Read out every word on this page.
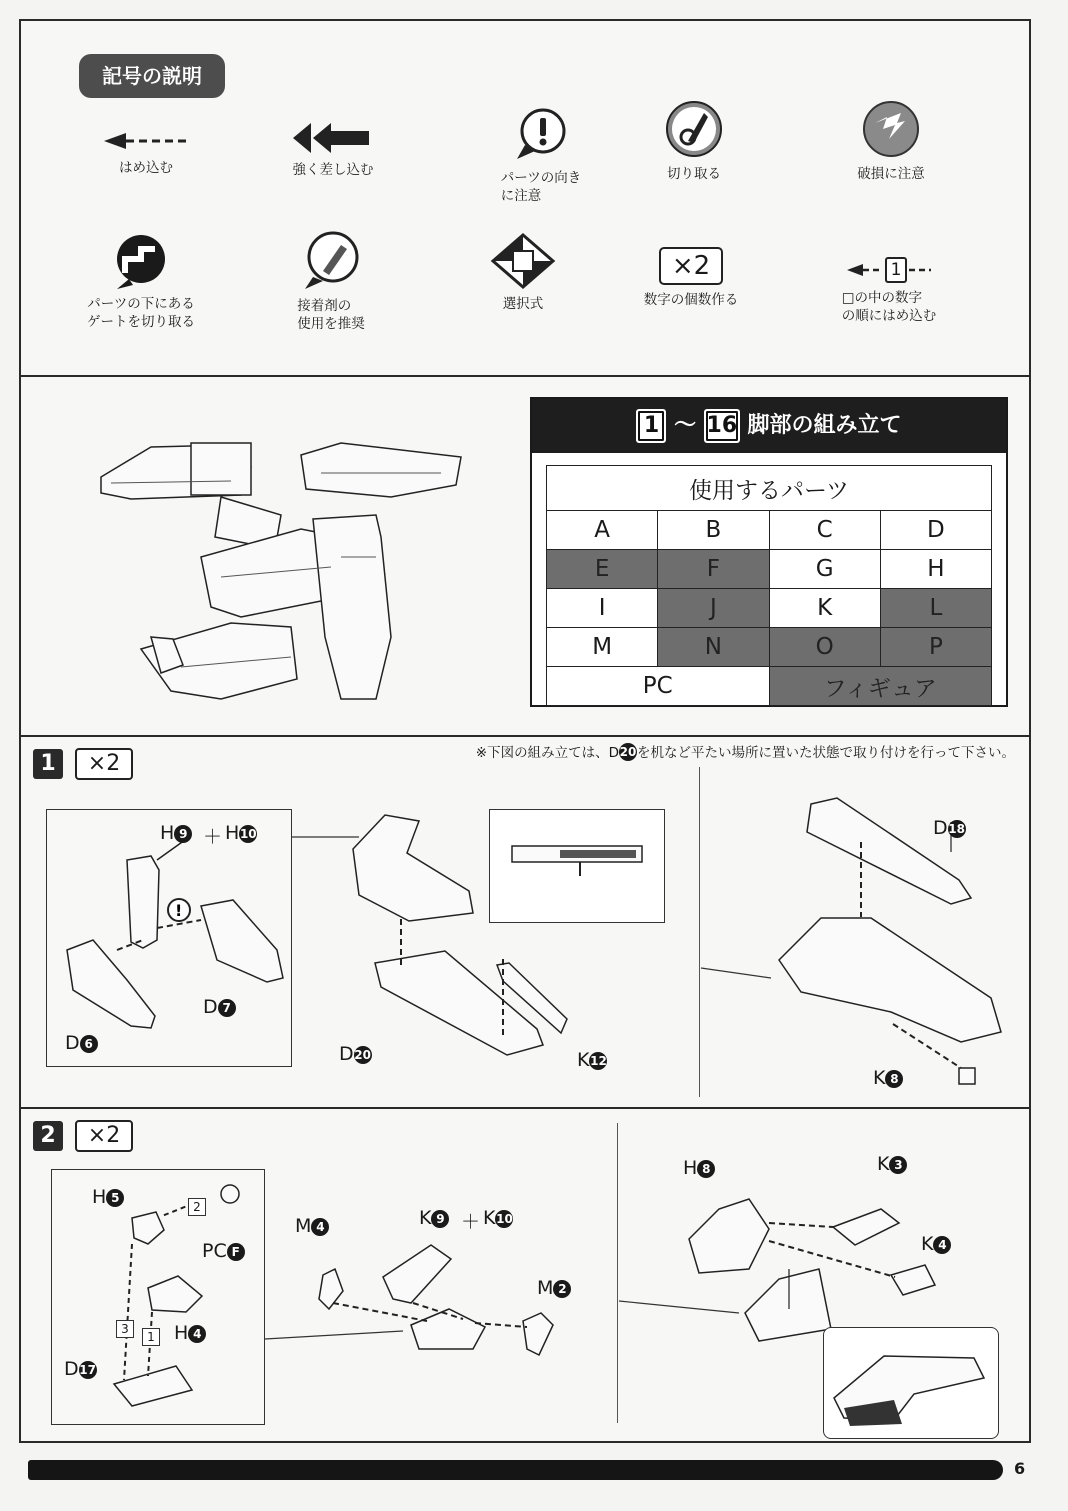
記号の説明
はめ込む	強く差し込む	パーツの向き
に注意
切り取る	破損に注意
パーツの下にある
ゲートを切り取る
接着剤の
使用を推奨
選択式
×2
数字の個数作る
1
□の中の数字
の順にはめ込む
1 ～ 16 脚部の組み立て
使用するパーツ			
A	B	C	D
E	F	G	H
I	J	K	L
M	N	O	P
PC		フィギュア	
1	×2	※下図の組み立ては、D20を机など平たい場所に置いた状態で取り付けを行って下さい。
!
H 9 ＋ H10
D 6
D 7
D20	K12
D18
K 8
2	×2
2
3
1
H 5
PC F
H 4
D17
M 4	K 9 ＋ K10
M 2
H 8	K 3
K 4
6
